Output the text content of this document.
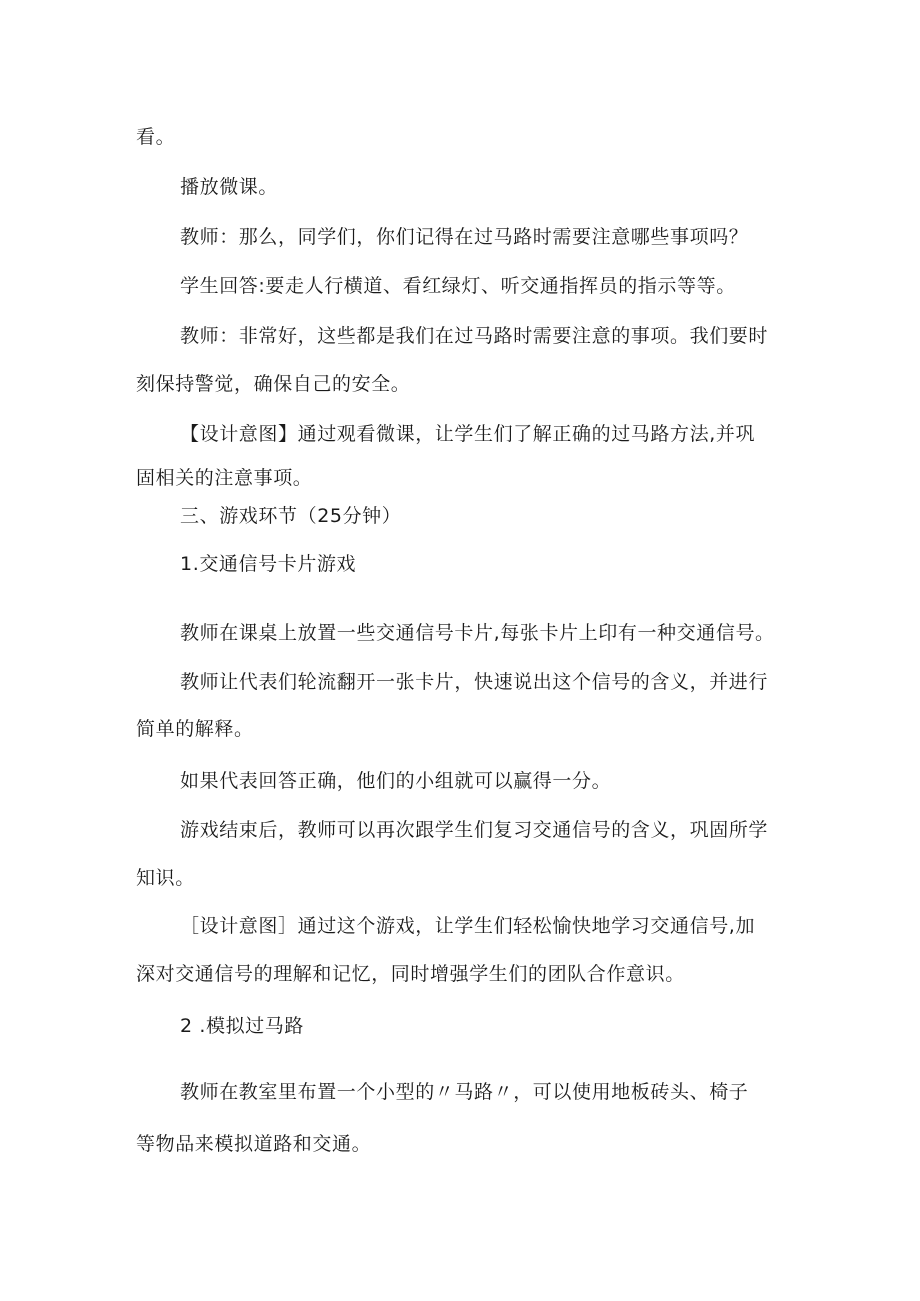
看。
播放微课。
教师：那么，同学们，你们记得在过马路时需要注意哪些事项吗？
学生回答:要走人行横道、看红绿灯、听交通指挥员的指示等等。
教师：非常好，这些都是我们在过马路时需要注意的事项。我们要时
刻保持警觉，确保自己的安全。
【设计意图】通过观看微课，让学生们了解正确的过马路方法,并巩
固相关的注意事项。
三、游戏环节（25分钟）
1.交通信号卡片游戏
教师在课桌上放置一些交通信号卡片,每张卡片上印有一种交通信号。
教师让代表们轮流翻开一张卡片，快速说出这个信号的含义，并进行
简单的解释。
如果代表回答正确，他们的小组就可以赢得一分。
游戏结束后，教师可以再次跟学生们复习交通信号的含义，巩固所学
知识。
［设计意图］通过这个游戏，让学生们轻松愉快地学习交通信号,加
深对交通信号的理解和记忆，同时增强学生们的团队合作意识。
2 .模拟过马路
教师在教室里布置一个小型的〃马路〃，可以使用地板砖头、椅子
等物品来模拟道路和交通。
